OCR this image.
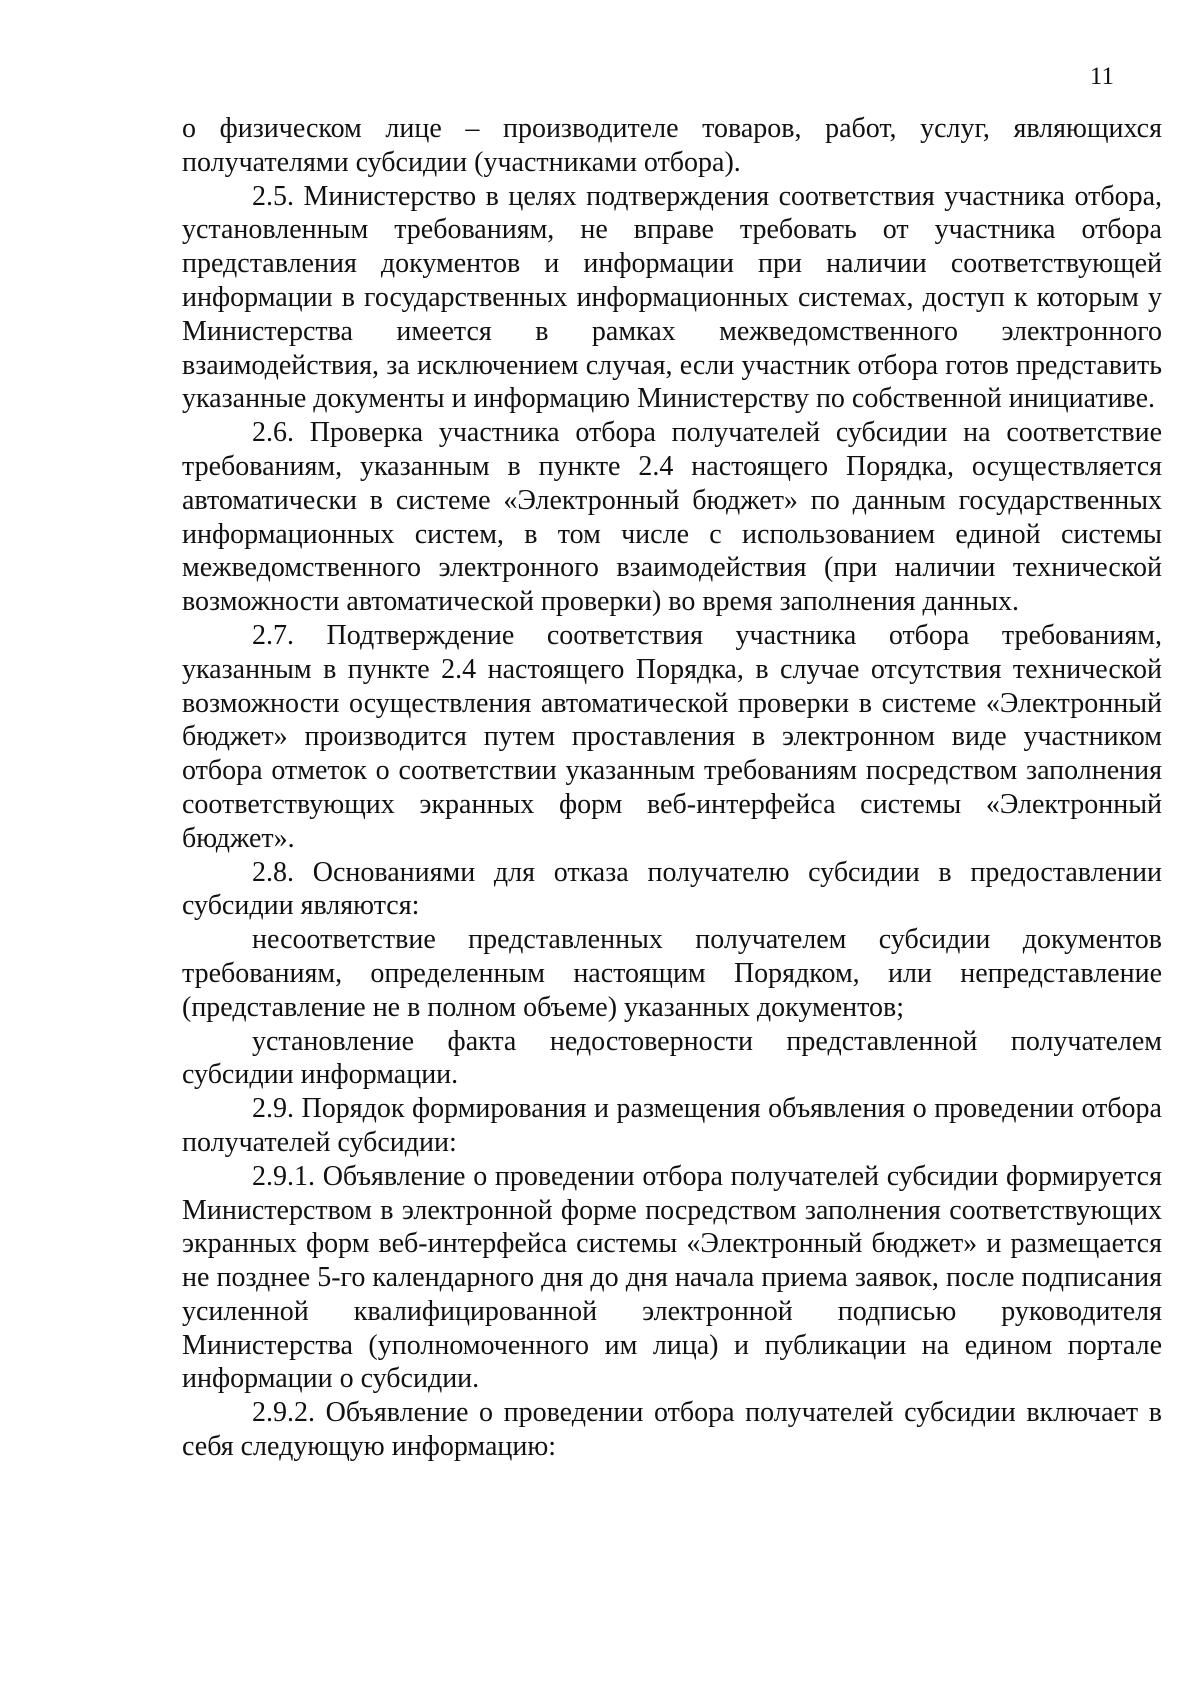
11

о физическом лице – производителе товаров, работ, услуг, являющихся получателями субсидии (участниками отбора).

2.5. Министерство в целях подтверждения соответствия участника отбора, установленным требованиям, не вправе требовать от участника отбора представления документов и информации при наличии соответствующей информации в государственных информационных системах, доступ к которым у Министерства имеется в рамках межведомственного электронного взаимодействия, за исключением случая, если участник отбора готов представить указанные документы и информацию Министерству по собственной инициативе.

2.6. Проверка участника отбора получателей субсидии на соответствие требованиям, указанным в пункте 2.4 настоящего Порядка, осуществляется автоматически в системе «Электронный бюджет» по данным государственных информационных систем, в том числе с использованием единой системы межведомственного электронного взаимодействия (при наличии технической возможности автоматической проверки) во время заполнения данных.

2.7. Подтверждение соответствия участника отбора требованиям, указанным в пункте 2.4 настоящего Порядка, в случае отсутствия технической возможности осуществления автоматической проверки в системе «Электронный бюджет» производится путем проставления в электронном виде участником отбора отметок о соответствии указанным требованиям посредством заполнения соответствующих экранных форм веб-интерфейса системы «Электронный бюджет».

2.8. Основаниями для отказа получателю субсидии в предоставлении субсидии являются:

несоответствие представленных получателем субсидии документов требованиям, определенным настоящим Порядком, или непредставление (представление не в полном объеме) указанных документов;

установление факта недостоверности представленной получателем субсидии информации.

2.9. Порядок формирования и размещения объявления о проведении отбора получателей субсидии:

2.9.1. Объявление о проведении отбора получателей субсидии формируется Министерством в электронной форме посредством заполнения соответствующих экранных форм веб-интерфейса системы «Электронный бюджет» и размещается не позднее 5-го календарного дня до дня начала приема заявок, после подписания усиленной квалифицированной электронной подписью руководителя Министерства (уполномоченного им лица) и публикации на едином портале информации о субсидии.

2.9.2. Объявление о проведении отбора получателей субсидии включает в себя следующую информацию:
